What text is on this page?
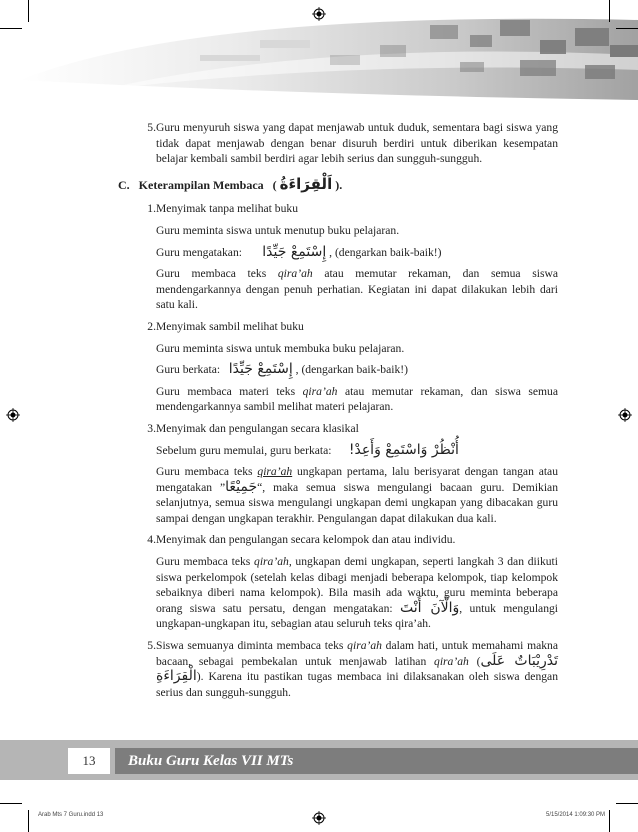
5. Guru menyuruh siswa yang dapat menjawab untuk duduk, sementara bagi siswa yang tidak dapat menjawab dengan benar disuruh berdiri untuk diberikan kesempatan belajar kembali sambil berdiri agar lebih serius dan sungguh-sungguh.

C. Keterampilan Membaca ( اَلْقِرَاءَةُ ).
1. Menyimak tanpa melihat buku

Guru meminta siswa untuk menutup buku pelajaran.

Guru mengatakan: إِسْتَمِعْ جَيِّدًا , (dengarkan baik-baik!)

Guru membaca teks qira’ah atau memutar rekaman, dan semua siswa mendengarkannya dengan penuh perhatian. Kegiatan ini dapat dilakukan lebih dari satu kali.

2. Menyimak sambil melihat buku

Guru meminta siswa untuk membuka buku pelajaran.

Guru berkata: إِسْتَمِعْ جَيِّدًا , (dengarkan baik-baik!)

Guru membaca materi teks qira’ah atau memutar rekaman, dan siswa semua mendengarkannya sambil melihat materi pelajaran.

3. Menyimak dan pengulangan secara klasikal

Sebelum guru memulai, guru berkata: أُنْظُرْ وَاسْتَمِعْ وَأَعِدْ!

Guru membaca teks qira’ah ungkapan pertama, lalu berisyarat dengan tangan atau mengatakan ”جَمِيْعًا“, maka semua siswa mengulangi bacaan guru. Demikian selanjutnya, semua siswa mengulangi ungkapan demi ungkapan yang dibacakan guru sampai dengan ungkapan terakhir. Pengulangan dapat dilakukan dua kali.

4. Menyimak dan pengulangan secara kelompok dan atau individu.

Guru membaca teks qira’ah, ungkapan demi ungkapan, seperti langkah 3 dan diikuti siswa perkelompok (setelah kelas dibagi menjadi beberapa kelompok, tiap kelompok sebaiknya diberi nama kelompok). Bila masih ada waktu, guru meminta beberapa orang siswa satu persatu, dengan mengatakan: وَالْآنَ أَنْتَ, untuk mengulangi ungkapan-ungkapan itu, sebagian atau seluruh teks qira’ah.

5. Siswa semuanya diminta membaca teks qira’ah dalam hati, untuk memahami makna bacaan, sebagai pembekalan untuk menjawab latihan qira’ah (تَدْرِيْبَاتٌ عَلَى الْقِرَاءَةِ). Karena itu pastikan tugas membaca ini dilaksanakan oleh siswa dengan serius dan sungguh-sungguh.

13	Buku Guru Kelas VII MTs
Arab Mts 7 Guru.indd 13	5/15/2014 1:09:30 PM
